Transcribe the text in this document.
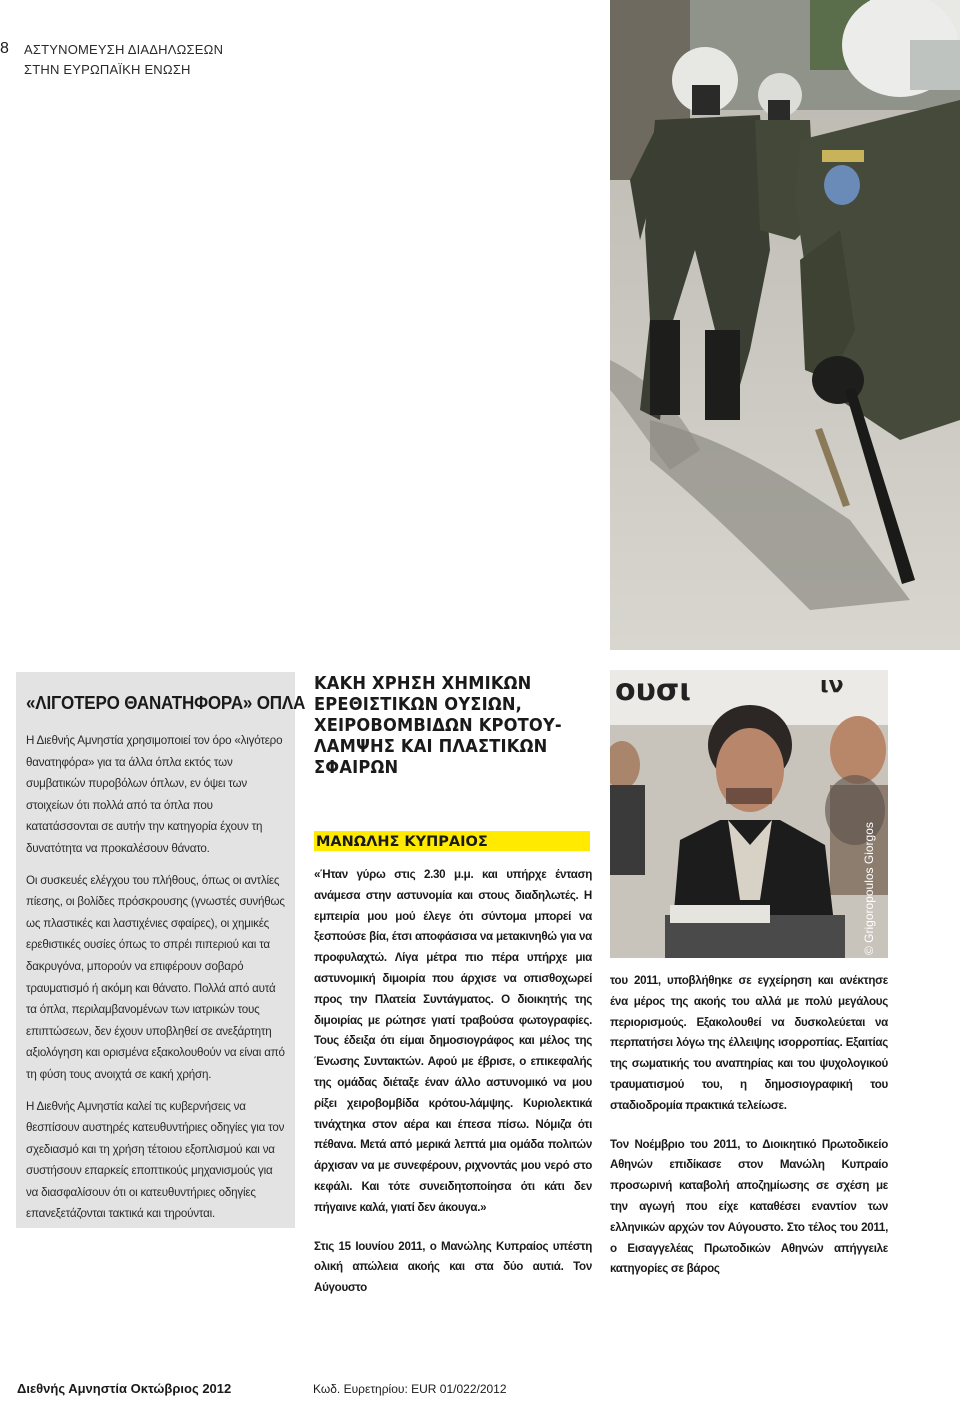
8 ΑΣΤΥΝΟΜΕΥΣΗ ΔΙΑΔΗΛΩΣΕΩΝ
ΣΤΗΝ ΕΥΡΩΠΑΪΚΗ ΕΝΩΣΗ
«ΛΙΓΟΤΕΡΟ ΘΑΝΑΤΗΦΟΡΑ» ΟΠΛΑ

Η Διεθνής Αμνηστία χρησιμοποιεί τον όρο «λιγότερο θανατηφόρα» για τα άλλα όπλα εκτός των συμβατικών πυροβόλων όπλων, εν όψει των στοιχείων ότι πολλά από τα όπλα που κατατάσσονται σε αυτήν την κατηγορία έχουν τη δυνατότητα να προκαλέσουν θάνατο.

Οι συσκευές ελέγχου του πλήθους, όπως οι αντλίες πίεσης, οι βολίδες πρόσκρουσης (γνωστές συνήθως ως πλαστικές και λαστιχένιες σφαίρες), οι χημικές ερεθιστικές ουσίες όπως το σπρέι πιπεριού και τα δακρυγόνα, μπορούν να επιφέρουν σοβαρό τραυματισμό ή ακόμη και θάνατο. Πολλά από αυτά τα όπλα, περιλαμβανομένων των ιατρικών τους επιπτώσεων, δεν έχουν υποβληθεί σε ανεξάρτητη αξιολόγηση και ορισμένα εξακολουθούν να είναι από τη φύση τους ανοιχτά σε κακή χρήση.

Η Διεθνής Αμνηστία καλεί τις κυβερνήσεις να θεσπίσουν αυστηρές κατευθυντήριες οδηγίες για τον σχεδιασμό και τη χρήση τέτοιου εξοπλισμού και να συστήσουν επαρκείς εποπτικούς μηχανισμούς για να διασφαλίσουν ότι οι κατευθυντήριες οδηγίες επανεξετάζονται τακτικά και τηρούνται.

ΚΑΚΗ ΧΡΗΣΗ ΧΗΜΙΚΩΝ
ΕΡΕΘΙΣΤΙΚΩΝ ΟΥΣΙΩΝ,
ΧΕΙΡΟΒΟΜΒΙΔΩΝ ΚΡΟΤΟΥ-
ΛΑΜΨΗΣ ΚΑΙ ΠΛΑΣΤΙΚΩΝ
ΣΦΑΙΡΩΝ
ΜΑΝΩΛΗΣ ΚΥΠΡΑΙΟΣ

«Ήταν γύρω στις 2.30 μ.μ. και υπήρχε ένταση ανάμεσα στην αστυνομία και στους διαδηλωτές. Η εμπειρία μου μού έλεγε ότι σύντομα μπορεί να ξεσπούσε βία, έτσι αποφάσισα να μετακινηθώ για να προφυλαχτώ. Λίγα μέτρα πιο πέρα υπήρχε μια αστυνομική διμοιρία που άρχισε να οπισθοχωρεί προς την Πλατεία Συντάγματος. Ο διοικητής της διμοιρίας με ρώτησε γιατί τραβούσα φωτογραφίες. Τους έδειξα ότι είμαι δημοσιογράφος και μέλος της Ένωσης Συντακτών. Αφού με έβρισε, ο επικεφαλής της ομάδας διέταξε έναν άλλο αστυνομικό να μου ρίξει χειροβομβίδα κρότου-λάμψης. Κυριολεκτικά τινάχτηκα στον αέρα και έπεσα πίσω. Νόμιζα ότι πέθανα. Μετά από μερικά λεπτά μια ομάδα πολιτών άρχισαν να με συνεφέρουν, ριχνοντάς μου νερό στο κεφάλι. Και τότε συνειδητοποίησα ότι κάτι δεν πήγαινε καλά, γιατί δεν άκουγα.»

Στις 15 Ιουνίου 2011, ο Μανώλης Κυπραίος υπέστη ολική απώλεια ακοής και στα δύο αυτιά. Τον Αύγουστο

ουσι	ιν
© Grigoropoulos Giorgos

του 2011, υποβλήθηκε σε εγχείρηση και ανέκτησε ένα μέρος της ακοής του αλλά με πολύ μεγάλους περιορισμούς. Εξακολουθεί να δυσκολεύεται να περπατήσει λόγω της έλλειψης ισορροπίας. Εξαιτίας της σωματικής του αναπηρίας και του ψυχολογικού τραυματισμού του, η δημοσιογραφική του σταδιοδρομία πρακτικά τελείωσε.

Τον Νοέμβριο του 2011, το Διοικητικό Πρωτοδικείο Αθηνών επιδίκασε στον Μανώλη Κυπραίο προσωρινή καταβολή αποζημίωσης σε σχέση με την αγωγή που είχε καταθέσει εναντίον των ελληνικών αρχών τον Αύγουστο. Στο τέλος του 2011, ο Εισαγγελέας Πρωτοδικών Αθηνών απήγγειλε κατηγορίες σε βάρος

Διεθνής Αμνηστία Οκτώβριος 2012	Κωδ. Ευρετηρίου: EUR 01/022/2012
